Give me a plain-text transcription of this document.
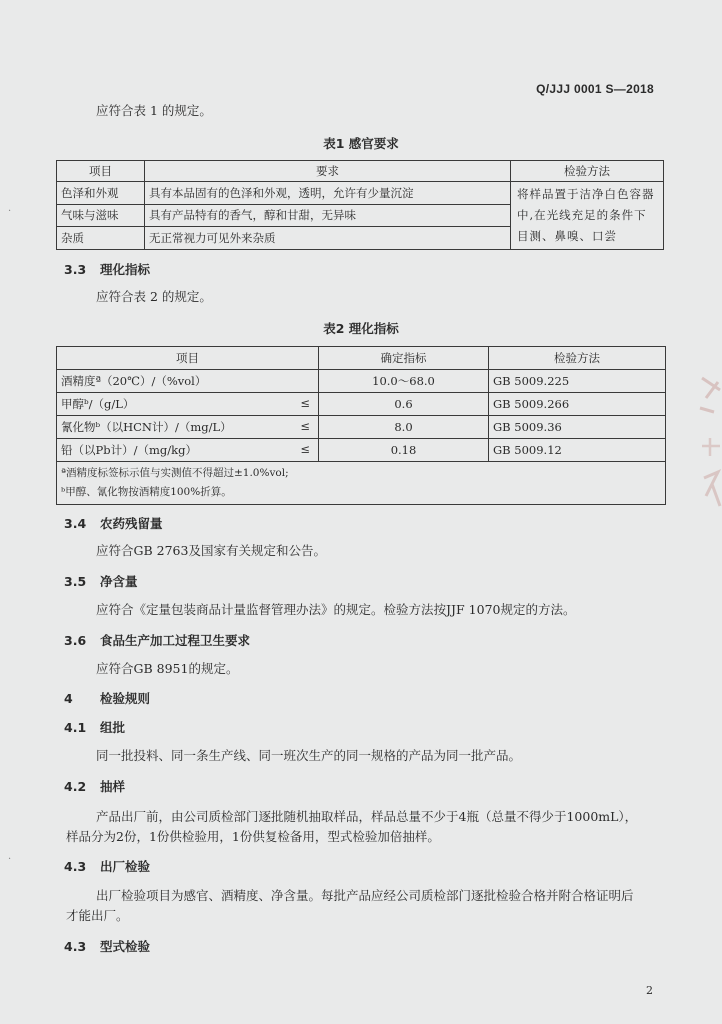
Q/JJJ 0001 S—2018
应符合表 1 的规定。
表1 感官要求
项目	要求	检验方法
色泽和外观	具有本品固有的色泽和外观，透明，允许有少量沉淀	将样品置于洁净白色容器中,在光线充足的条件下目测、鼻嗅、口尝
气味与滋味	具有产品特有的香气，醇和甘甜，无异味	
杂质	无正常视力可见外来杂质	
3.3 理化指标
应符合表 2 的规定。
表2 理化指标
项目	确定指标	检验方法
酒精度ª（20℃）/（%vol）	10.0～68.0	GB 5009.225
甲醇ᵇ/（g/L） ≤	0.6	GB 5009.266
氰化物ᵇ（以HCN计）/（mg/L） ≤	8.0	GB 5009.36
铅（以Pb计）/（mg/kg） ≤	0.18	GB 5009.12

ª酒精度标签标示值与实测值不得超过±1.0%vol;
ᵇ甲醇、氰化物按酒精度100%折算。		
3.4 农药残留量
应符合GB 2763及国家有关规定和公告。
3.5 净含量
应符合《定量包装商品计量监督管理办法》的规定。检验方法按JJF 1070规定的方法。
3.6 食品生产加工过程卫生要求
应符合GB 8951的规定。
4 检验规则
4.1 组批
同一批投料、同一条生产线、同一班次生产的同一规格的产品为同一批产品。
4.2 抽样
产品出厂前，由公司质检部门逐批随机抽取样品，样品总量不少于4瓶（总量不得少于1000mL），
样品分为2份，1份供检验用，1份供复检备用，型式检验加倍抽样。
4.3 出厂检验
出厂检验项目为感官、酒精度、净含量。每批产品应经公司质检部门逐批检验合格并附合格证明后
才能出厂。
4.3 型式检验
2
·
·
